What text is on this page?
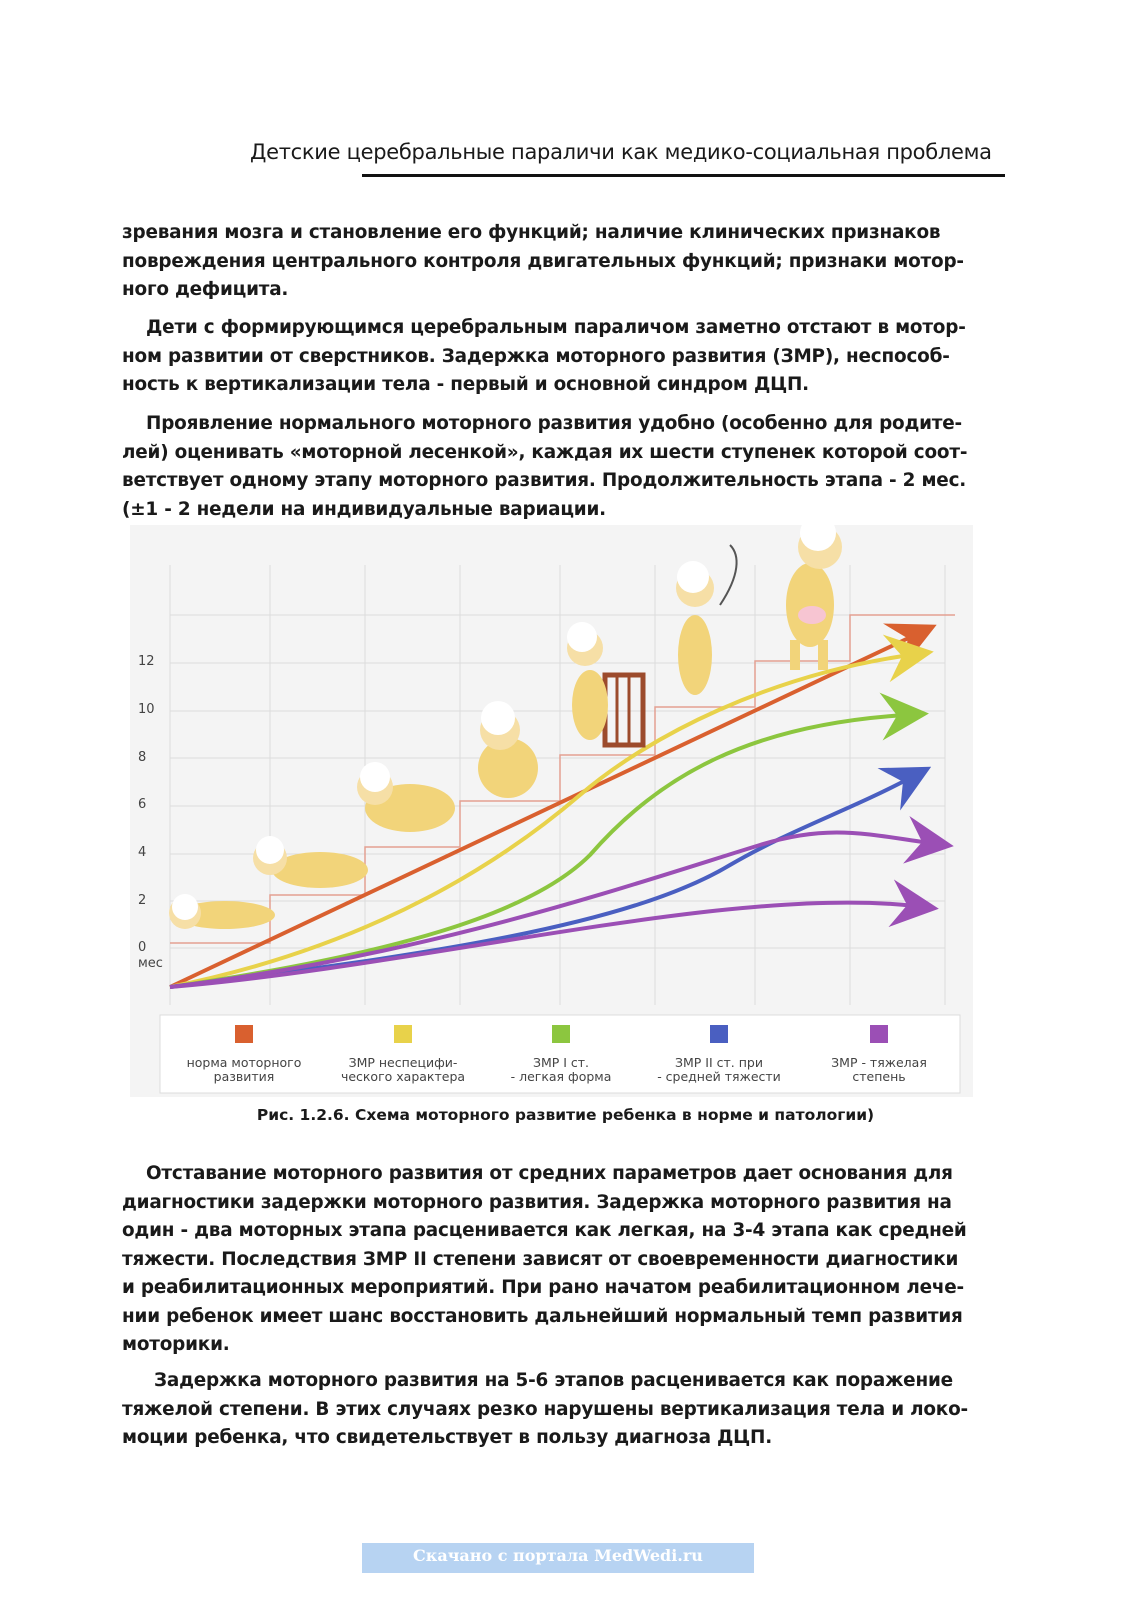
Детские церебральные параличи как медико-социальная проблема
зревания мозга и становление его функций; наличие клинических признаков
повреждения центрального контроля двигательных функций; признаки мотор-
ного дефицита.
Дети с формирующимся церебральным параличом заметно отстают в мотор-
ном развитии от сверстников. Задержка моторного развития (ЗМР), неспособ-
ность к вертикализации тела - первый и основной синдром ДЦП.
Проявление нормального моторного развития удобно (особенно для родите-
лей) оценивать «моторной лесенкой», каждая их шести ступенек которой соот-
ветствует одному этапу моторного развития. Продолжительность этапа - 2 мес.
(±1 - 2 недели на индивидуальные вариации.
0
мес
2
4
6
8
10
12
норма моторного
развития
ЗМР неспецифи-
ческого характера
ЗМР I ст.
- легкая форма
ЗМР II ст. при
- средней тяжести
ЗМР - тяжелая
степень
Рис. 1.2.6. Схема моторного развитие ребенка в норме и патологии)
Отставание моторного развития от средних параметров дает основания для
диагностики задержки моторного развития. Задержка моторного развития на
один - два моторных этапа расценивается как легкая, на 3-4 этапа как средней
тяжести. Последствия ЗМР II степени зависят от своевременности диагностики
и реабилитационных мероприятий. При рано начатом реабилитационном лече-
нии ребенок имеет шанс восстановить дальнейший нормальный темп развития
моторики.
Задержка моторного развития на 5-6 этапов расценивается как поражение
тяжелой степени. В этих случаях резко нарушены вертикализация тела и локо-
моции ребенка, что свидетельствует в пользу диагноза ДЦП.
Скачано с портала MedWedi.ru
